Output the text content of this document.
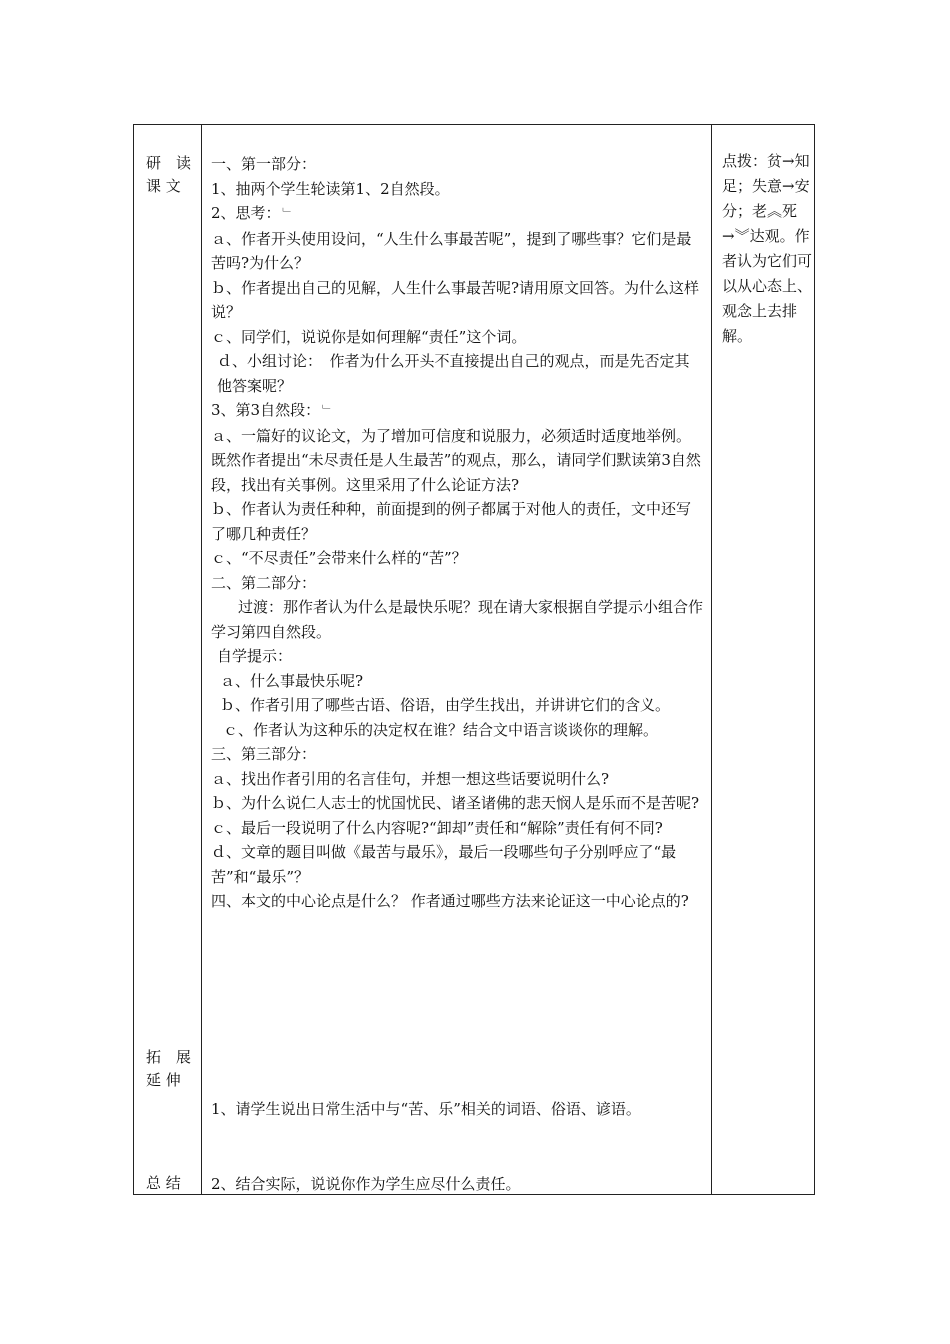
研　读
课 文
拓　展
延 伸
总 结
一、第一部分：
1、抽两个学生轮读第1、2自然段。
2、思考： ﹂
ａ、作者开头使用设问，“人生什么事最苦呢”，提到了哪些事？它们是最苦吗?为什么？
ｂ、作者提出自己的见解，人生什么事最苦呢?请用原文回答。为什么这样说？
ｃ、同学们，说说你是如何理解“责任”这个词。
ｄ、小组讨论：　作者为什么开头不直接提出自己的观点，而是先否定其他答案呢？
3、第3自然段： ﹂
ａ、一篇好的议论文，为了增加可信度和说服力，必须适时适度地举例。既然作者提出“未尽责任是人生最苦”的观点，那么，请同学们默读第3自然段，找出有关事例。这里采用了什么论证方法?
ｂ、作者认为责任种种，前面提到的例子都属于对他人的责任，文中还写了哪几种责任？
ｃ、“不尽责任”会带来什么样的“苦”？
二、第二部分：
　过渡：那作者认为什么是最快乐呢？现在请大家根据自学提示小组合作学习第四自然段。
自学提示：
ａ、什么事最快乐呢?
ｂ、作者引用了哪些古语、俗语，由学生找出，并讲讲它们的含义。
ｃ、作者认为这种乐的决定权在谁？结合文中语言谈谈你的理解。
三、第三部分：
ａ、找出作者引用的名言佳句，并想一想这些话要说明什么?
ｂ、为什么说仁人志士的忧国忧民、诸圣诸佛的悲天悯人是乐而不是苦呢?
ｃ、最后一段说明了什么内容呢?“卸却”责任和“解除”责任有何不同?
ｄ、文章的题目叫做《最苦与最乐》，最后一段哪些句子分别呼应了“最苦”和“最乐”？
四、本文的中心论点是什么？ 作者通过哪些方法来论证这一中心论点的?
1、请学生说出日常生活中与“苦、乐”相关的词语、俗语、谚语。
2、结合实际，说说你作为学生应尽什么责任。
点拨：贫→知足；失意→安分；老︽死→︾达观。作者认为它们可以从心态上、观念上去排解。
